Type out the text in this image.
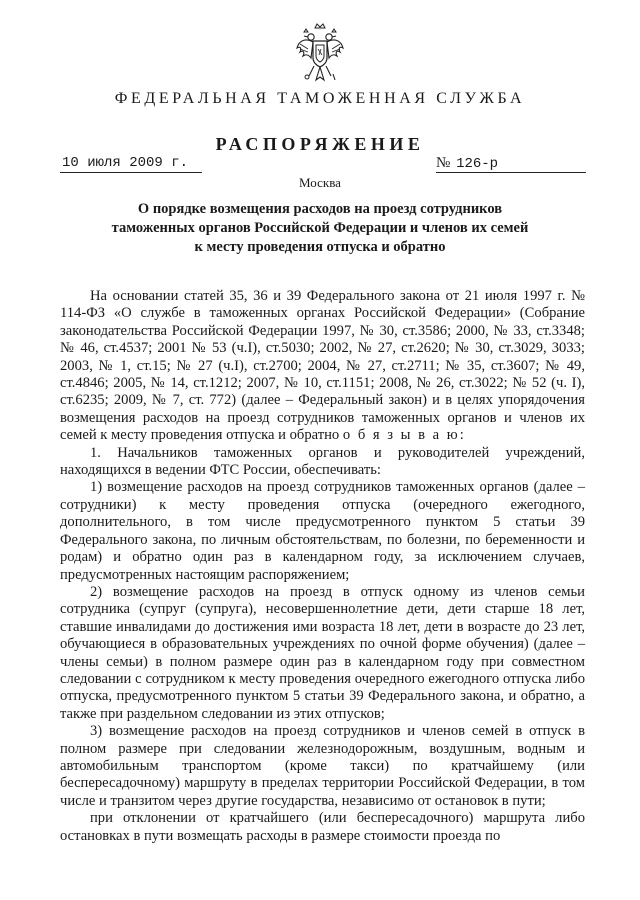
ФЕДЕРАЛЬНАЯ ТАМОЖЕННАЯ СЛУЖБА
РАСПОРЯЖЕНИЕ
10 июля 2009 г.	№ 126-р
Москва
О порядке возмещения расходов на проезд сотрудников
таможенных органов Российской Федерации и членов их семей
к месту проведения отпуска и обратно

На основании статей 35, 36 и 39 Федерального закона от 21 июля 1997 г. № 114-ФЗ «О службе в таможенных органах Российской Федерации» (Собрание законодательства Российской Федерации 1997, № 30, ст.3586; 2000, № 33, ст.3348; № 46, ст.4537; 2001 № 53 (ч.I), ст.5030; 2002, № 27, ст.2620; № 30, ст.3029, 3033; 2003, № 1, ст.15; № 27 (ч.I), ст.2700; 2004, № 27, ст.2711; № 35, ст.3607; № 49, ст.4846; 2005, № 14, ст.1212; 2007, № 10, ст.1151; 2008, № 26, ст.3022; № 52 (ч. I), ст.6235; 2009, № 7, ст. 772) (далее – Федеральный закон) и в целях упорядочения возмещения расходов на проезд сотрудников таможенных органов и членов их семей к месту проведения отпуска и обратно о б я з ы в а ю:

1. Начальников таможенных органов и руководителей учреждений, находящихся в ведении ФТС России, обеспечивать:

1) возмещение расходов на проезд сотрудников таможенных органов (далее – сотрудники) к месту проведения отпуска (очередного ежегодного, дополнительного, в том числе предусмотренного пунктом 5 статьи 39 Федерального закона, по личным обстоятельствам, по болезни, по беременности и родам) и обратно один раз в календарном году, за исключением случаев, предусмотренных настоящим распоряжением;

2) возмещение расходов на проезд в отпуск одному из членов семьи сотрудника (супруг (супруга), несовершеннолетние дети, дети старше 18 лет, ставшие инвалидами до достижения ими возраста 18 лет, дети в возрасте до 23 лет, обучающиеся в образовательных учреждениях по очной форме обучения) (далее – члены семьи) в полном размере один раз в календарном году при совместном следовании с сотрудником к месту проведения очередного ежегодного отпуска либо отпуска, предусмотренного пунктом 5 статьи 39 Федерального закона, и обратно, а также при раздельном следовании из этих отпусков;

3) возмещение расходов на проезд сотрудников и членов семей в отпуск в полном размере при следовании железнодорожным, воздушным, водным и автомобильным транспортом (кроме такси) по кратчайшему (или беспересадочному) маршруту в пределах территории Российской Федерации, в том числе и транзитом через другие государства, независимо от остановок в пути;

при отклонении от кратчайшего (или беспересадочного) маршрута либо остановках в пути возмещать расходы в размере стоимости проезда по
